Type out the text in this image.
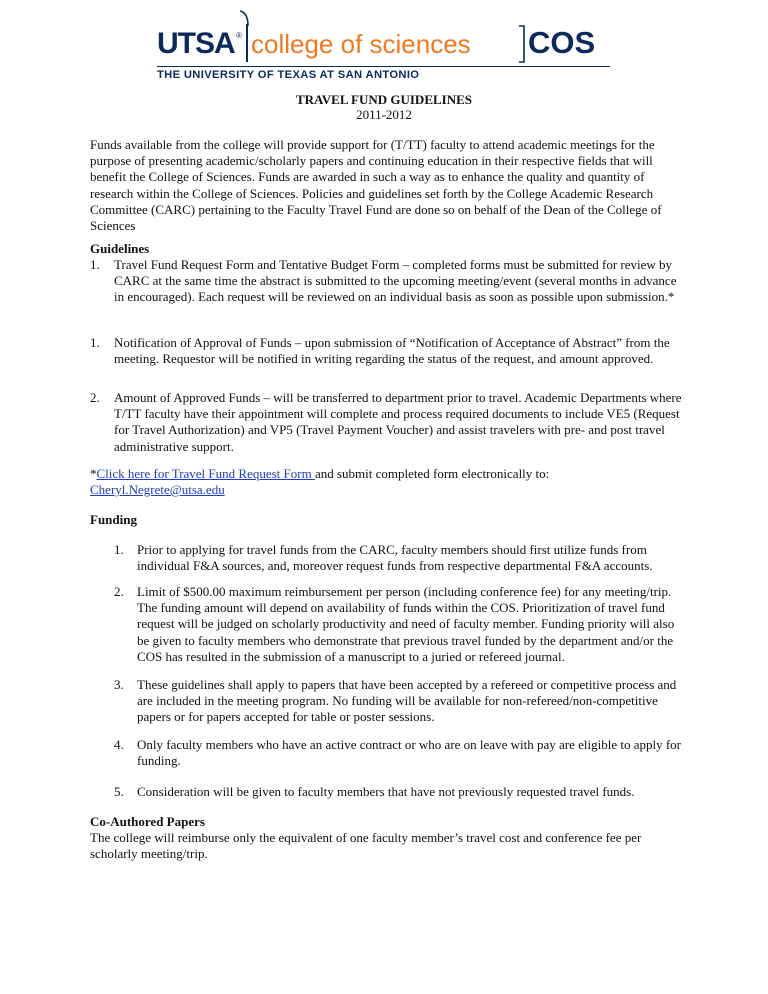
UTSA ® college of sciences COS
THE UNIVERSITY OF TEXAS AT SAN ANTONIO
TRAVEL FUND GUIDELINES
2011-2012
Funds available from the college will provide support for (T/TT) faculty to attend academic meetings for the purpose of presenting academic/scholarly papers and continuing education in their respective fields that will benefit the College of Sciences. Funds are awarded in such a way as to enhance the quality and quantity of research within the College of Sciences. Policies and guidelines set forth by the College Academic Research Committee (CARC) pertaining to the Faculty Travel Fund are done so on behalf of the Dean of the College of Sciences
Guidelines
1. Travel Fund Request Form and Tentative Budget Form – completed forms must be submitted for review by CARC at the same time the abstract is submitted to the upcoming meeting/event (several months in advance in encouraged). Each request will be reviewed on an individual basis as soon as possible upon submission.*
1. Notification of Approval of Funds – upon submission of “Notification of Acceptance of Abstract” from the meeting. Requestor will be notified in writing regarding the status of the request, and amount approved.
2. Amount of Approved Funds – will be transferred to department prior to travel. Academic Departments where T/TT faculty have their appointment will complete and process required documents to include VE5 (Request for Travel Authorization) and VP5 (Travel Payment Voucher) and assist travelers with pre- and post travel administrative support.
*Click here for Travel Fund Request Form and submit completed form electronically to:
Cheryl.Negrete@utsa.edu
Funding
1. Prior to applying for travel funds from the CARC, faculty members should first utilize funds from individual F&A sources, and, moreover request funds from respective departmental F&A accounts.
2. Limit of $500.00 maximum reimbursement per person (including conference fee) for any meeting/trip. The funding amount will depend on availability of funds within the COS. Prioritization of travel fund request will be judged on scholarly productivity and need of faculty member. Funding priority will also be given to faculty members who demonstrate that previous travel funded by the department and/or the COS has resulted in the submission of a manuscript to a juried or refereed journal.
3. These guidelines shall apply to papers that have been accepted by a refereed or competitive process and are included in the meeting program. No funding will be available for non-refereed/non-competitive papers or for papers accepted for table or poster sessions.
4. Only faculty members who have an active contract or who are on leave with pay are eligible to apply for funding.
5. Consideration will be given to faculty members that have not previously requested travel funds.
Co-Authored Papers
The college will reimburse only the equivalent of one faculty member’s travel cost and conference fee per scholarly meeting/trip.
